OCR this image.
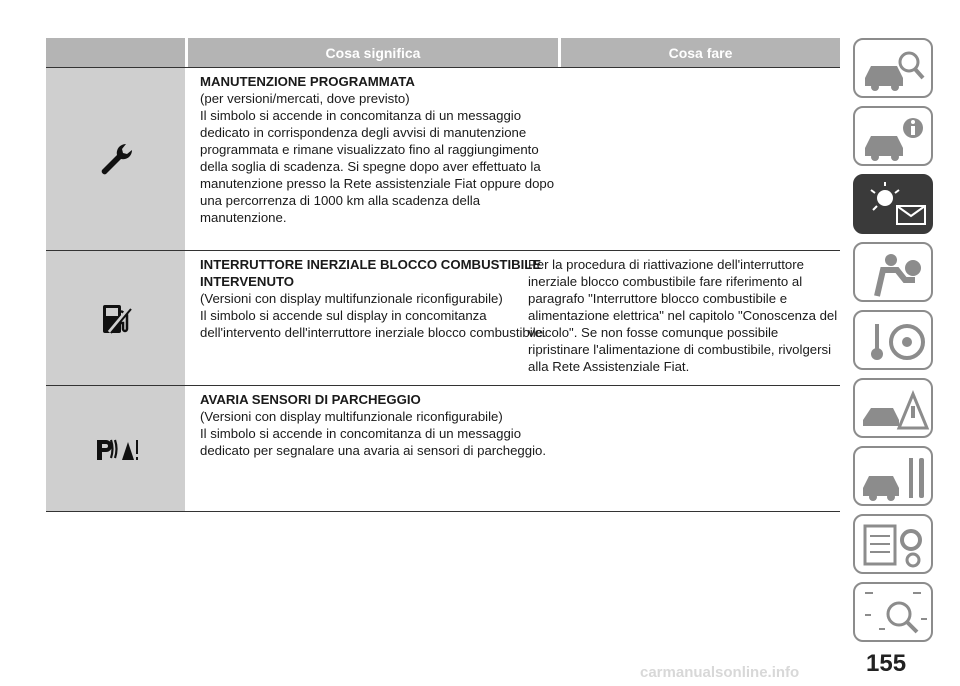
Cosa significa	Cosa fare
MANUTENZIONE PROGRAMMATA
(per versioni/mercati, dove previsto)
Il simbolo si accende in concomitanza di un messaggio dedicato in corrispondenza degli avvisi di manutenzione programmata e rimane visualizzato fino al raggiungimento della soglia di scadenza. Si spegne dopo aver effettuato la manutenzione presso la Rete assistenziale Fiat oppure dopo una percorrenza di 1000 km alla scadenza della manutenzione.
INTERRUTTORE INERZIALE BLOCCO COMBUSTIBILE INTERVENUTO
(Versioni con display multifunzionale riconfigurabile)
Il simbolo si accende sul display in concomitanza dell'intervento dell'interruttore inerziale blocco combustibile.
Per la procedura di riattivazione dell'interruttore inerziale blocco combustibile fare riferimento al paragrafo "Interruttore blocco combustibile e alimentazione elettrica" nel capitolo "Conoscenza del veicolo". Se non fosse comunque possibile ripristinare l'alimentazione di combustibile, rivolgersi alla Rete Assistenziale Fiat.
AVARIA SENSORI DI PARCHEGGIO
(Versioni con display multifunzionale riconfigurabile)
Il simbolo si accende in concomitanza di un messaggio dedicato per segnalare una avaria ai sensori di parcheggio.
155
carmanualsonline.info
